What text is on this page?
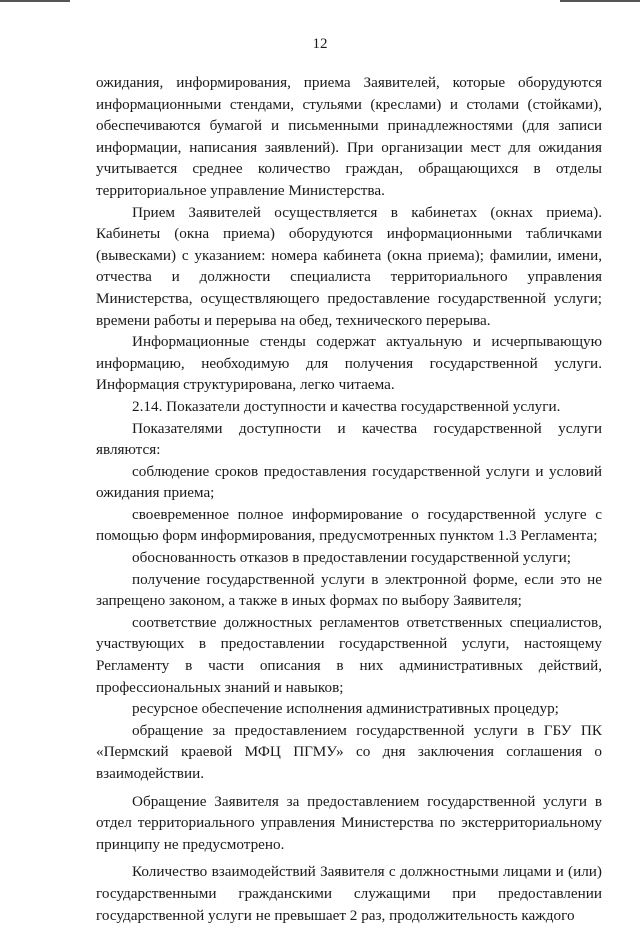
12

ожидания, информирования, приема Заявителей, которые оборудуются информационными стендами, стульями (креслами) и столами (стойками), обеспечиваются бумагой и письменными принадлежностями (для записи информации, написания заявлений). При организации мест для ожидания учитывается среднее количество граждан, обращающихся в отделы территориальное управление Министерства.

Прием Заявителей осуществляется в кабинетах (окнах приема). Кабинеты (окна приема) оборудуются информационными табличками (вывесками) с указанием: номера кабинета (окна приема); фамилии, имени, отчества и должности специалиста территориального управления Министерства, осуществляющего предоставление государственной услуги; времени работы и перерыва на обед, технического перерыва.

Информационные стенды содержат актуальную и исчерпывающую информацию, необходимую для получения государственной услуги. Информация структурирована, легко читаема.

2.14. Показатели доступности и качества государственной услуги.

Показателями доступности и качества государственной услуги являются:

соблюдение сроков предоставления государственной услуги и условий ожидания приема;

своевременное полное информирование о государственной услуге с помощью форм информирования, предусмотренных пунктом 1.3 Регламента;

обоснованность отказов в предоставлении государственной услуги;

получение государственной услуги в электронной форме, если это не запрещено законом, а также в иных формах по выбору Заявителя;

соответствие должностных регламентов ответственных специалистов, участвующих в предоставлении государственной услуги, настоящему Регламенту в части описания в них административных действий, профессиональных знаний и навыков;

ресурсное обеспечение исполнения административных процедур;

обращение за предоставлением государственной услуги в ГБУ ПК «Пермский краевой МФЦ ПГМУ» со дня заключения соглашения о взаимодействии.

Обращение Заявителя за предоставлением государственной услуги в отдел территориального управления Министерства по экстерриториальному принципу не предусмотрено.

Количество взаимодействий Заявителя с должностными лицами и (или) государственными гражданскими служащими при предоставлении государственной услуги не превышает 2 раз, продолжительность каждого
